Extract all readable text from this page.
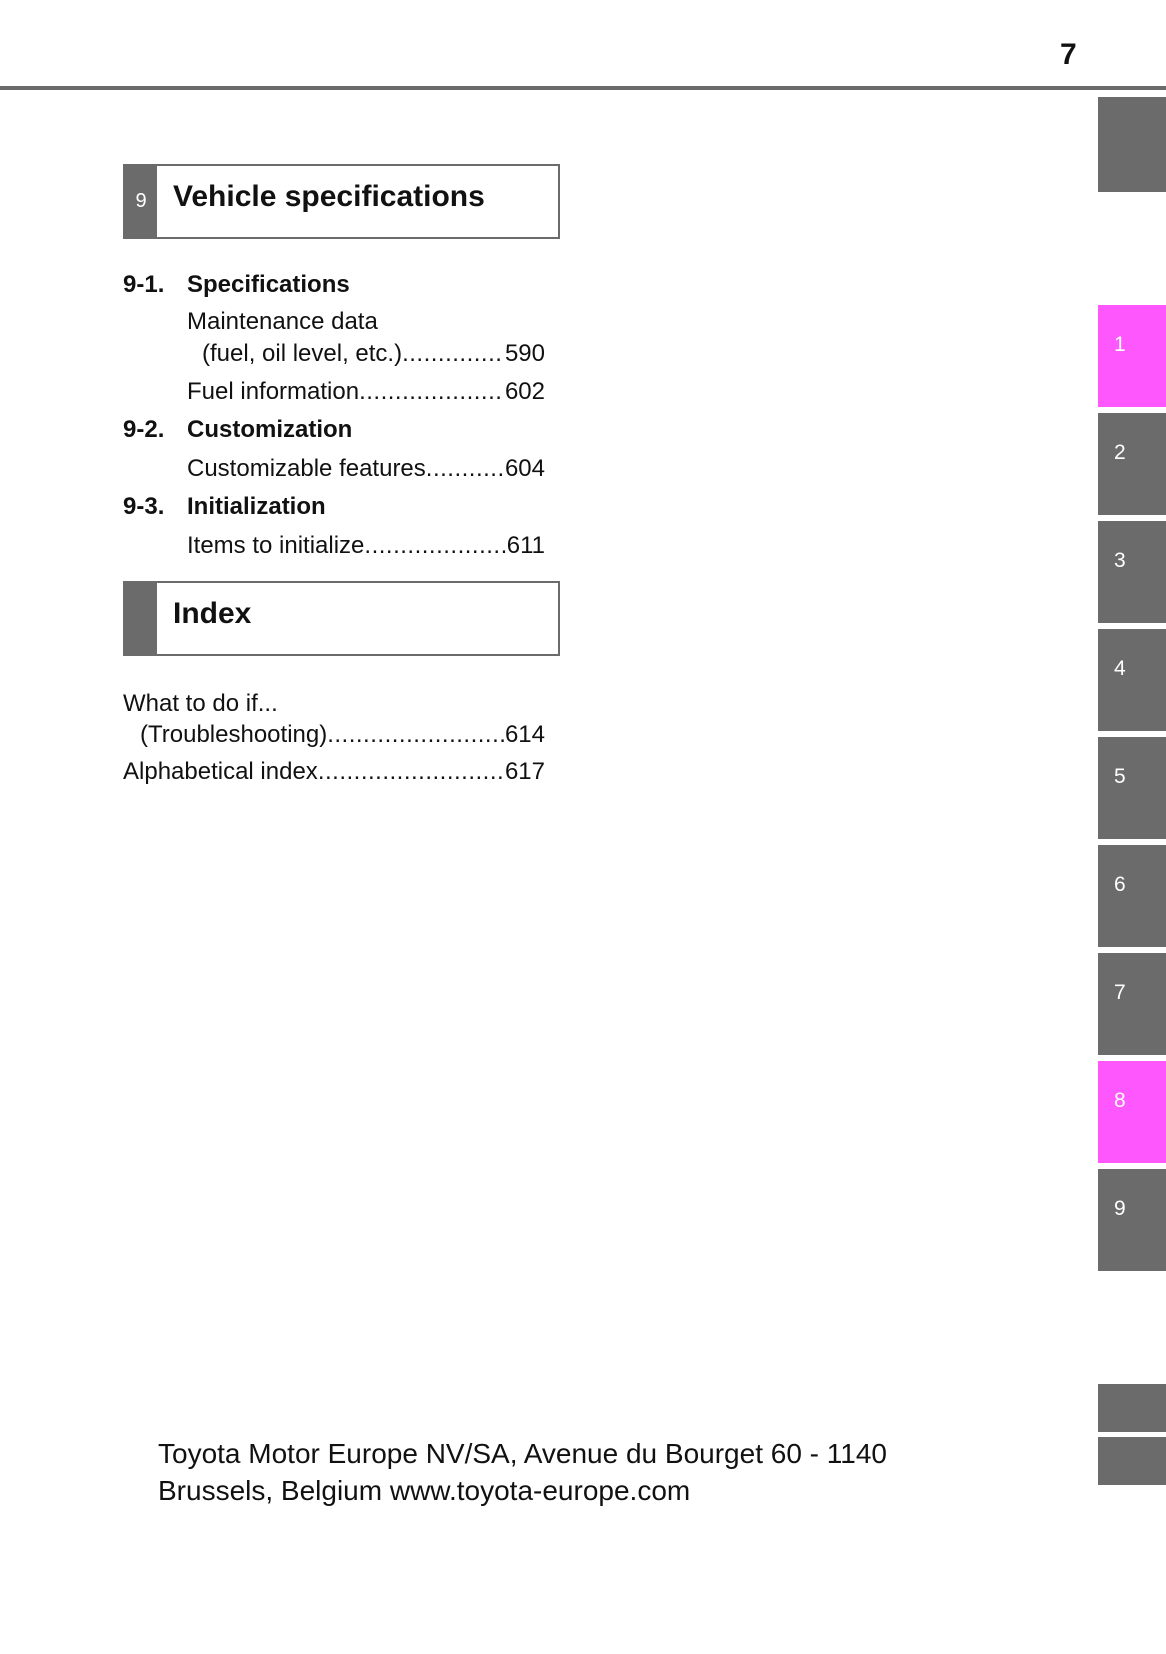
7
9 Vehicle specifications
9-1. Specifications
Maintenance data
(fuel, oil level, etc.) .....	590
Fuel information .....	602
9-2. Customization
Customizable features .....	604
9-3. Initialization
Items to initialize .....	611
Index
What to do if...
(Troubleshooting) .....	614
Alphabetical index .....	617
1
2
3
4
5
6
7
8
9
Toyota Motor Europe NV/SA, Avenue du Bourget 60 - 1140
Brussels, Belgium www.toyota-europe.com
